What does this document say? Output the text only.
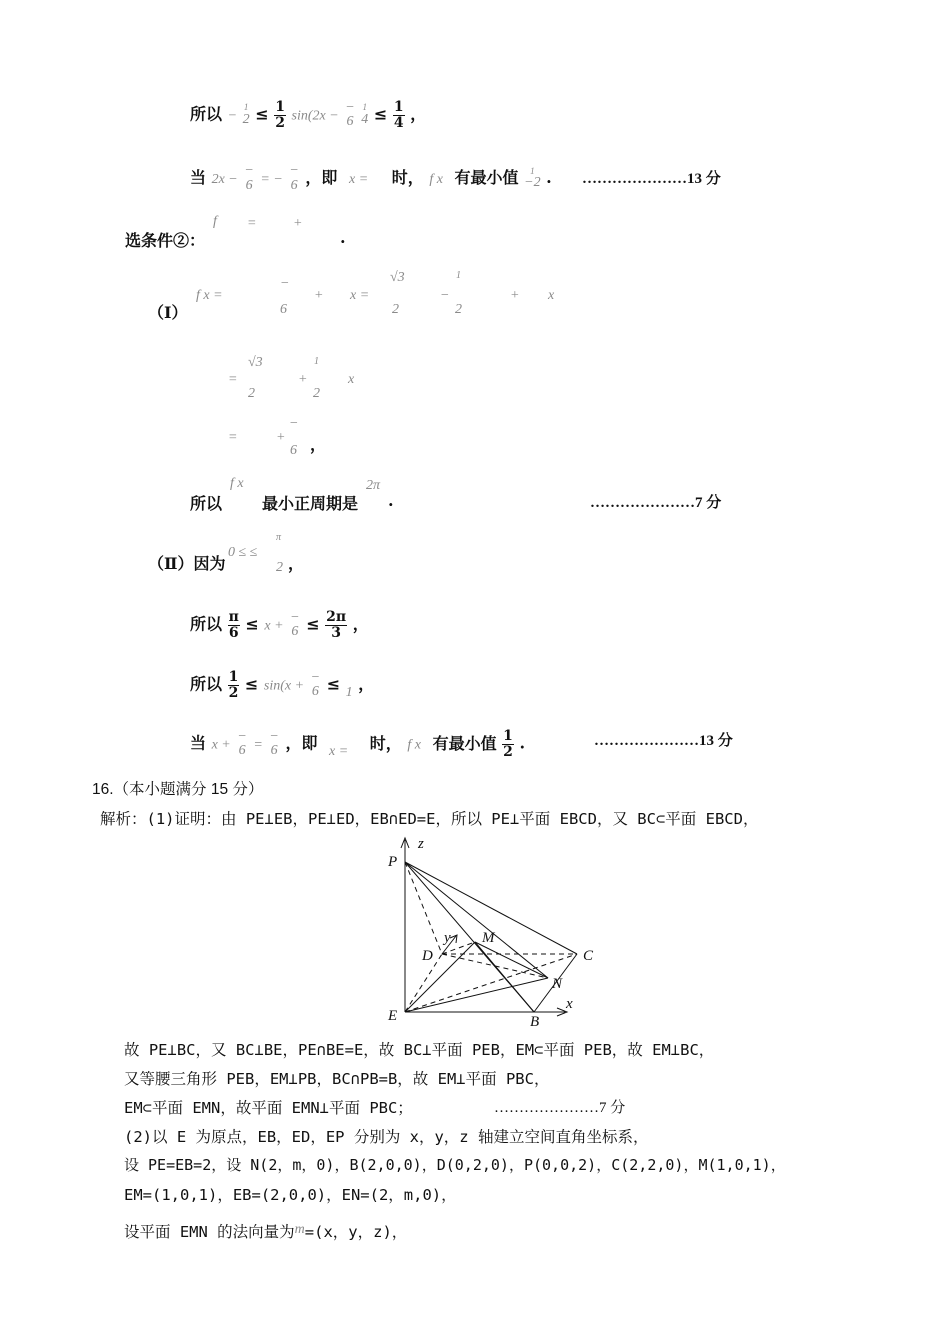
所以 −
1
$2 \le \frac{1}{2} \sin(2x$ −
−
6

1
$4 \le \frac{1}{4}$ ，
当 2x −
−
6 = −
−
6 ，即 x = 时， f x 有最小值	1
−2 . …………………13 分
选条件②：
f =	+
.
（Ⅰ）
f x =
−
6
+ x =
√3
2
−
1
2
+ x
=
√3
2
+
1
2
x
=	+
−
6 ，
所以
f x
最小正周期是
2π
.	…………………7 分
（Ⅱ）因为
0 ≤ ≤
π
2 ，
所以 $\frac{\pi}{6} \le x$ +
−
$6 \le \frac{2\pi}{3}$ ，
所以 $\frac{1}{2} \le \sin(x$ +
−
6 ≤ 1 ，
当 x +
−
6 =
−
6 ，即 x = 时， f x 有最小值 $\frac{1}{2}$ .	…………………13 分
16.（本小题满分 15 分）
解析：(1)证明：由 PE⊥EB，PE⊥ED，EB∩ED=E，所以 PE⊥平面 EBCD，又 BC⊂平面 EBCD，
P
z
D
y M
C
N
x
E	B
故 PE⊥BC，又 BC⊥BE，PE∩BE=E，故 BC⊥平面 PEB，EM⊂平面 PEB，故 EM⊥BC，
又等腰三角形 PEB，EM⊥PB，BC∩PB=B，故 EM⊥平面 PBC，
EM⊂平面 EMN，故平面 EMN⊥平面 PBC；	…………………7 分
(2)以 E 为原点，EB，ED，EP 分别为 x，y，z 轴建立空间直角坐标系，
设 PE=EB=2，设 N(2，m，0)，B(2,0,0)，D(0,2,0)，P(0,0,2)，C(2,2,0)，M(1,0,1)，
EM=(1,0,1)，EB=(2,0,0)，EN=(2，m,0)，
设平面 EMN 的法向量为m=(x，y，z)，
